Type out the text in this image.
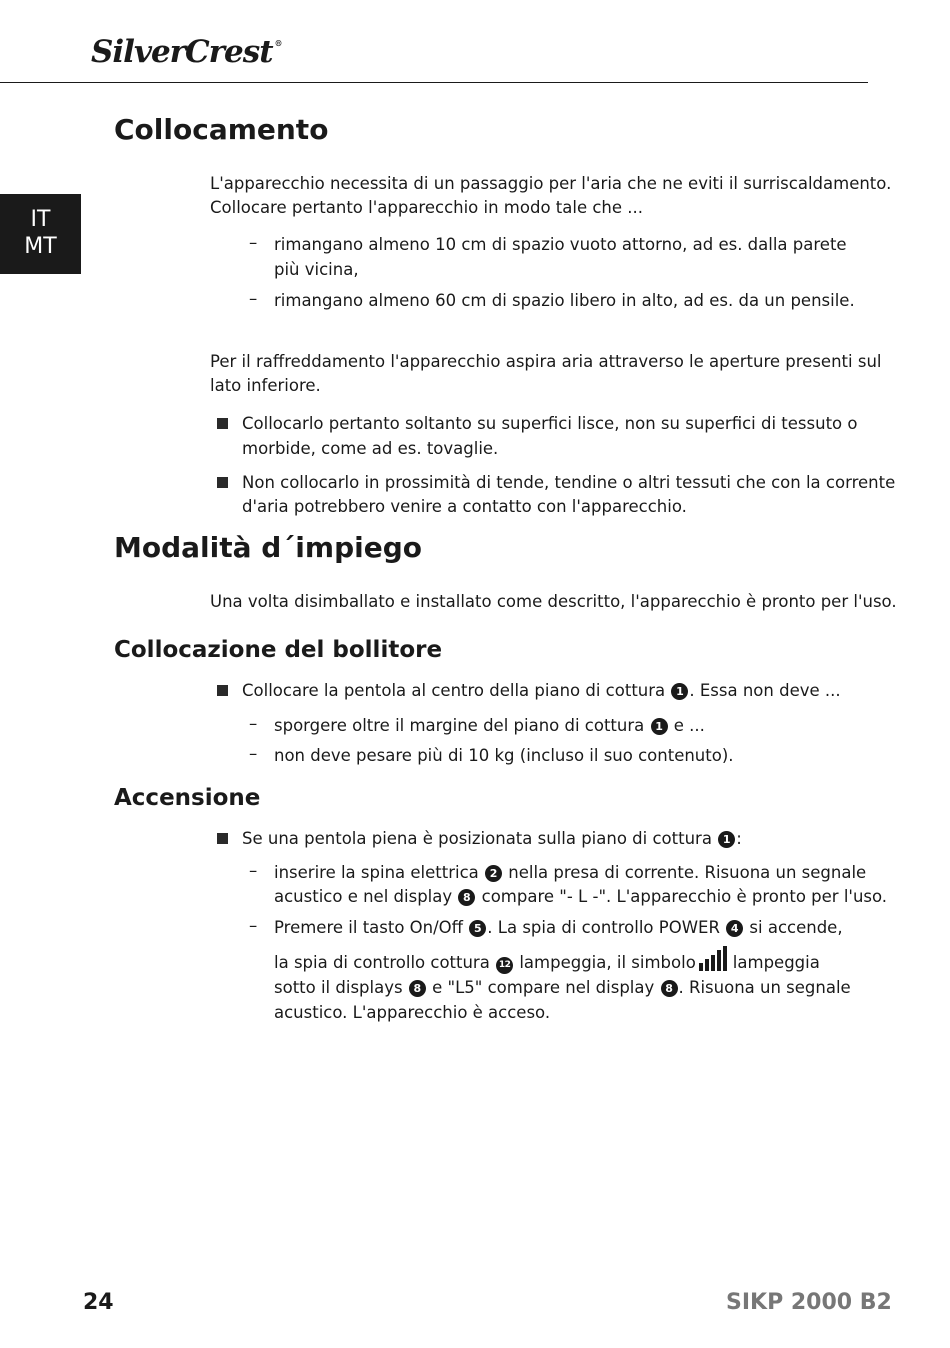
SilverCrest ®
IT
MT
Collocamento

L'apparecchio necessita di un passaggio per l'aria che ne eviti il surriscaldamento.

Collocare pertanto l'apparecchio in modo tale che ...

– rimangano almeno 10 cm di spazio vuoto attorno, ad es. dalla parete

più vicina,

– rimangano almeno 60 cm di spazio libero in alto, ad es. da un pensile.

Per il raffreddamento l'apparecchio aspira aria attraverso le aperture presenti sul

lato inferiore.

Collocarlo pertanto soltanto su superfici lisce, non su superfici di tessuto o

morbide, come ad es. tovaglie.

Non collocarlo in prossimità di tende, tendine o altri tessuti che con la corrente

d'aria potrebbero venire a contatto con l'apparecchio.

Modalità d´impiego

Una volta disimballato e installato come descritto, l'apparecchio è pronto per l'uso.

Collocazione del bollitore

Collocare la pentola al centro della piano di cottura 1 . Essa non deve ...

– sporgere oltre il margine del piano di cottura 1 e ...

– non deve pesare più di 10 kg (incluso il suo contenuto).

Accensione

Se una pentola piena è posizionata sulla piano di cottura 1 :

– inserire la spina elettrica 2 nella presa di corrente. Risuona un segnale

acustico e nel display 8 compare "- L -". L'apparecchio è pronto per l'uso.

– Premere il tasto On/Off 5 . La spia di controllo POWER 4 si accende,

la spia di controllo cottura 12 lampeggia, il simbolo lampeggia

sotto il displays 8 e "L5" compare nel display 8 . Risuona un segnale

acustico. L'apparecchio è acceso.

24	SIKP 2000 B2
